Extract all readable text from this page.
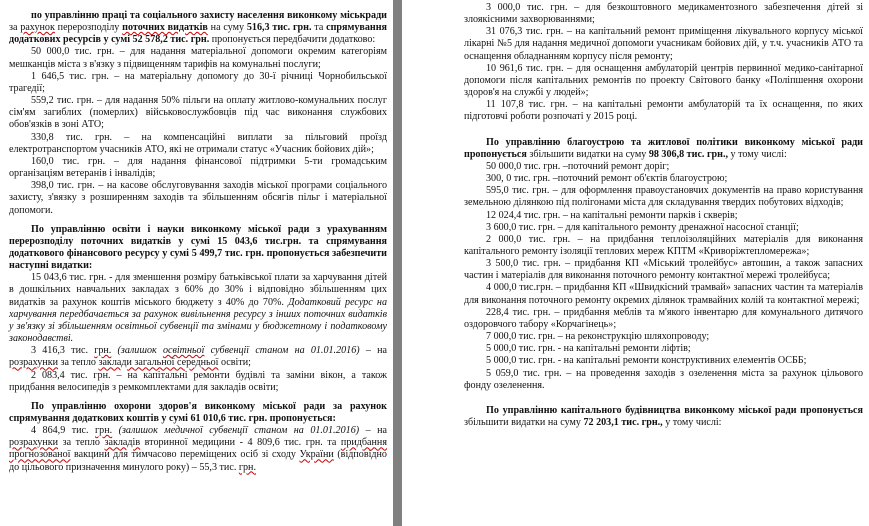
по управлінню праці та соціального захисту населення виконкому міськради за рахунок перерозподілу поточних видатків на суму 516,3 тис. грн. та спрямування додаткових ресурсів у сумі 52 578,2 тис. грн. пропонується передбачити додатково:

50 000,0 тис. грн. – для надання матеріальної допомоги окремим категоріям мешканців міста з в'язку з підвищенням тарифів на комунальні послуги;

1 646,5 тис. грн. – на матеріальну допомогу до 30-ї річниці Чорнобильської трагедії;

559,2 тис. грн. – для надання 50% пільги на оплату житлово-комунальних послуг сім'ям загиблих (померлих) військовослужбовців під час виконання службових обов'язків в зоні АТО;

330,8 тис. грн. – на компенсаційні виплати за пільговий проїзд електротранспортом учасників АТО, які не отримали статус «Учасник бойових дій»;

160,0 тис. грн. – для надання фінансової підтримки 5-ти громадським організаціям ветеранів і інвалідів;

398,0 тис. грн. – на касове обслуговування заходів міської програми соціального захисту, з'вязку з розширенням заходів та збільшенням обсягів пільг і матеріальної допомоги.

По управлінню освіти і науки виконкому міської ради з урахуванням перерозподілу поточних видатків у сумі 15 043,6 тис.грн. та спрямування додаткового фінансового ресурсу у сумі 5 499,7 тис. грн. пропонується забезпечити наступні видатки:

15 043,6 тис. грн. - для зменшення розміру батьківської плати за харчування дітей в дошкільних навчальних закладах з 60% до 30% і відповідно збільшенням цих видатків за рахунок коштів міського бюджету з 40% до 70%. Додатковий ресурс на харчування передбачається за рахунок вивільнення ресурсу з інших поточних видатків у зв'язку зі збільшенням освітньої субвенції та змінами у бюджетному і податковому законодавстві.

3 416,3 тис. грн. (залишок освітньої субвенції станом на 01.01.2016) – на розрахунки за тепло заклади загальної середньої освіти;

2 083,4 тис. грн. – на капітальні ремонти будівлі та заміни вікон, а також придбання велосипедів з ремкомплектами для закладів освіти;

По управлінню охорони здоров'я виконкому міської ради за рахунок спрямування додаткових коштів у сумі 61 010,6 тис. грн. пропонується:

4 864,9 тис. грн. (залишок медичної субвенції станом на 01.01.2016) – на розрахунки за тепло закладів вторинної медицини - 4 809,6 тис. грн. та придбання прогнозованої вакцини для тимчасово переміщених осіб зі сходу України (відповідно до цільового призначення минулого року) – 55,3 тис. грн.

3 000,0 тис. грн. – для безкоштовного медикаментозного забезпечення дітей зі злоякісними захворюваннями;

31 076,3 тис. грн. – на капітальний ремонт приміщення лікувального корпусу міської лікарні №5 для надання медичної допомоги учасникам бойових дій, у т.ч. учасників АТО та оснащення обладнанням корпусу після ремонту;

10 961,6 тис. грн. – для оснащення амбулаторій центрів первинної медико-санітарної допомоги після капітальних ремонтів по проекту Світового банку «Поліпшення охорони здоров'я на службі у людей»;

11 107,8 тис. грн. – на капітальні ремонти амбулаторій та їх оснащення, по яких підготовчі роботи розпочаті у 2015 році.

По управлінню благоустрою та житлової політики виконкому міської ради пропонується збільшити видатки на суму 98 306,8 тис. грн., у тому числі:

50 000,0 тис. грн. –поточний ремонт доріг;

300, 0 тис. грн. –поточний ремонт об'єктів благоустрою;

595,0 тис. грн. – для оформлення правоустановчих документів на право користування земельною ділянкою під полігонами міста для складування твердих побутових відходів;

12 024,4 тис. грн. – на капітальні ремонти парків і скверів;

3 600,0 тис. грн. – для капітального ремонту дренажної насосної станції;

2 000,0 тис. грн. – на придбання теплоізоляційних матеріалів для виконання капітального ремонту ізоляції теплових мереж КПТМ «Криворіжтепломережа»;

3 500,0 тис. грн. – придбання КП «Міський тролейбус» автошин, а також запасних частин і матеріалів для виконання поточного ремонту контактної мережі тролейбуса;

4 000,0 тис.грн. – придбання КП «Швидкісний трамвай» запасних частин та матеріалів для виконання поточного ремонту окремих ділянок трамвайних колій та контактної мережі;

228,4 тис. грн. – придбання меблів та м'якого інвентарю для комунального дитячого оздоровчого табору «Корчагінець»;

7 000,0 тис. грн. – на реконструкцію шляхопроводу;

5 000,0 тис. грн. - на капітальні ремонти ліфтів;

5 000,0 тис. грн. - на капітальні ремонти конструктивних елементів ОСББ;

5 059,0 тис. грн. – на проведення заходів з озеленення міста за рахунок цільового фонду озеленення.

По управлінню капітального будівництва виконкому міської ради пропонується збільшити видатки на суму 72 203,1 тис. грн., у тому числі:
